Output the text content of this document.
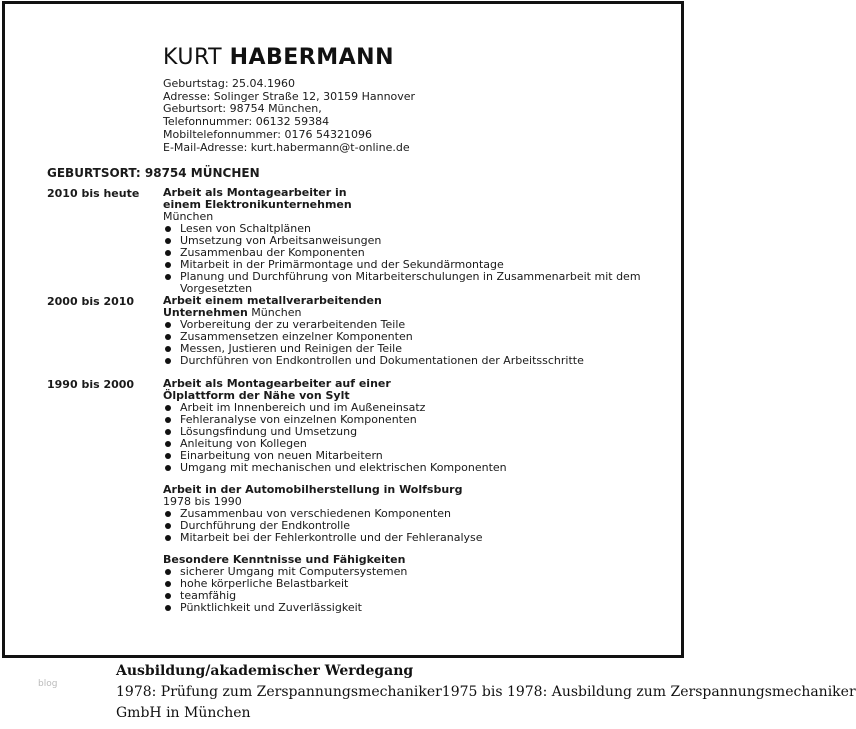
KURT HABERMANN
Geburtstag: 25.04.1960
Adresse: Solinger Straße 12, 30159 Hannover
Geburtsort: 98754 München,
Telefonnummer: 06132 59384
Mobiltelefonnummer: 0176 54321096
E-Mail-Adresse: kurt.habermann@t-online.de
GEBURTSORT: 98754 MÜNCHEN
2010 bis heute Arbeit als Montagearbeiter in einem Elektronikunternehmen München
Lesen von Schaltplänen
Umsetzung von Arbeitsanweisungen
Zusammenbau der Komponenten
Mitarbeit in der Primärmontage und der Sekundärmontage
Planung und Durchführung von Mitarbeiterschulungen in Zusammenarbeit mit dem Vorgesetzten
2000 bis 2010	Arbeit einem metallverarbeitenden Unternehmen München
Vorbereitung der zu verarbeitenden Teile
Zusammensetzen einzelner Komponenten
Messen, Justieren und Reinigen der Teile
Durchführen von Endkontrollen und Dokumentationen der Arbeitsschritte
1990 bis 2000	Arbeit als Montagearbeiter auf einer Ölplattform der Nähe von Sylt
Arbeit im Innenbereich und im Außeneinsatz
Fehleranalyse von einzelnen Komponenten
Lösungsfindung und Umsetzung
Anleitung von Kollegen
Einarbeitung von neuen Mitarbeitern
Umgang mit mechanischen und elektrischen Komponenten
Arbeit in der Automobilherstellung in Wolfsburg
1978 bis 1990
Zusammenbau von verschiedenen Komponenten
Durchführung der Endkontrolle
Mitarbeit bei der Fehlerkontrolle und der Fehleranalyse
Besondere Kenntnisse und Fähigkeiten
sicherer Umgang mit Computersystemen
hohe körperliche Belastbarkeit
teamfähig
Pünktlichkeit und Zuverlässigkeit
blog
Ausbildung/akademischer Werdegang
1978: Prüfung zum Zerspannungsmechaniker1975 bis 1978: Ausbildung zum Zerspannungsmechaniker
GmbH in München
